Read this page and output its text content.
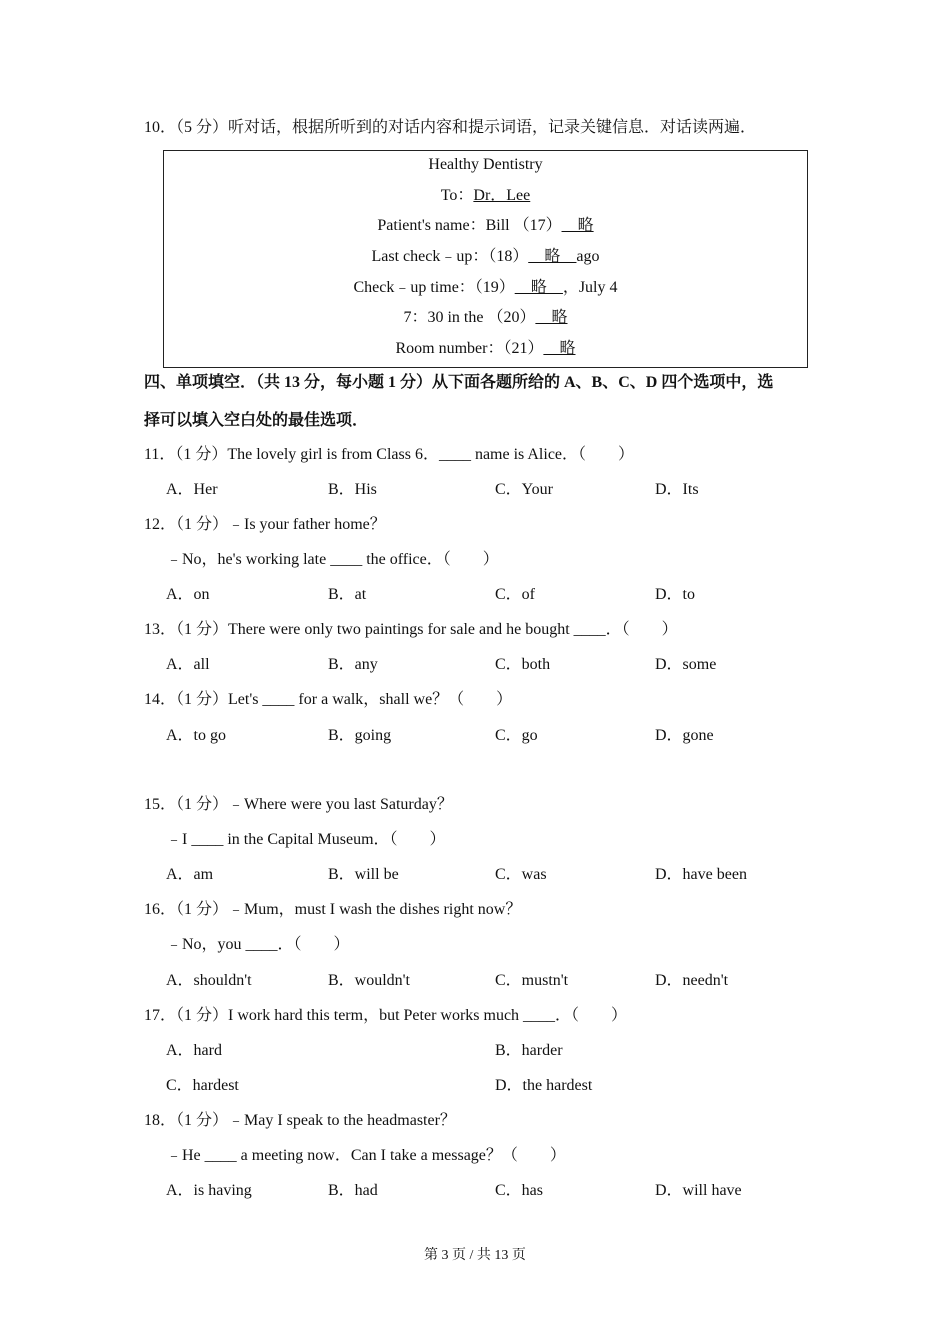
10．（5 分）听对话，根据所听到的对话内容和提示词语，记录关键信息．对话读两遍．
Healthy Dentistry
To：Dr．Lee
Patient's name：Bill （17）__略
Last check﹣up：（18）__略__ago
Check﹣up time：（19）__略__，July 4
7：30 in the （20）__略
Room number：（21）__略
四、单项填空．（共 13 分，每小题 1 分）从下面各题所给的 A、B、C、D 四个选项中，选
择可以填入空白处的最佳选项．
11．（1 分）The lovely girl is from Class 6．____ name is Alice．（　　）
A．Her	B．His	C．Your	D．Its
12．（1 分）﹣Is your father home？
﹣No，he's working late ____ the office．（　　）
A．on	B．at	C．of	D．to
13．（1 分）There were only two paintings for sale and he bought ____．（　　）
A．all	B．any	C．both	D．some
14．（1 分）Let's ____ for a walk，shall we？（　　）
A．to go	B．going	C．go	D．gone
15．（1 分）﹣Where were you last Saturday？
﹣I ____ in the Capital Museum．（　　）
A．am	B．will be	C．was	D．have been
16．（1 分）﹣Mum，must I wash the dishes right now？
﹣No，you ____．（　　）
A．shouldn't	B．wouldn't	C．mustn't	D．needn't
17．（1 分）I work hard this term，but Peter works much ____．（　　）
A．hard	B．harder
C．hardest	D．the hardest
18．（1 分）﹣May I speak to the headmaster？
﹣He ____ a meeting now．Can I take a message？（　　）
A．is having	B．had	C．has	D．will have
第 3 页 / 共 13 页
